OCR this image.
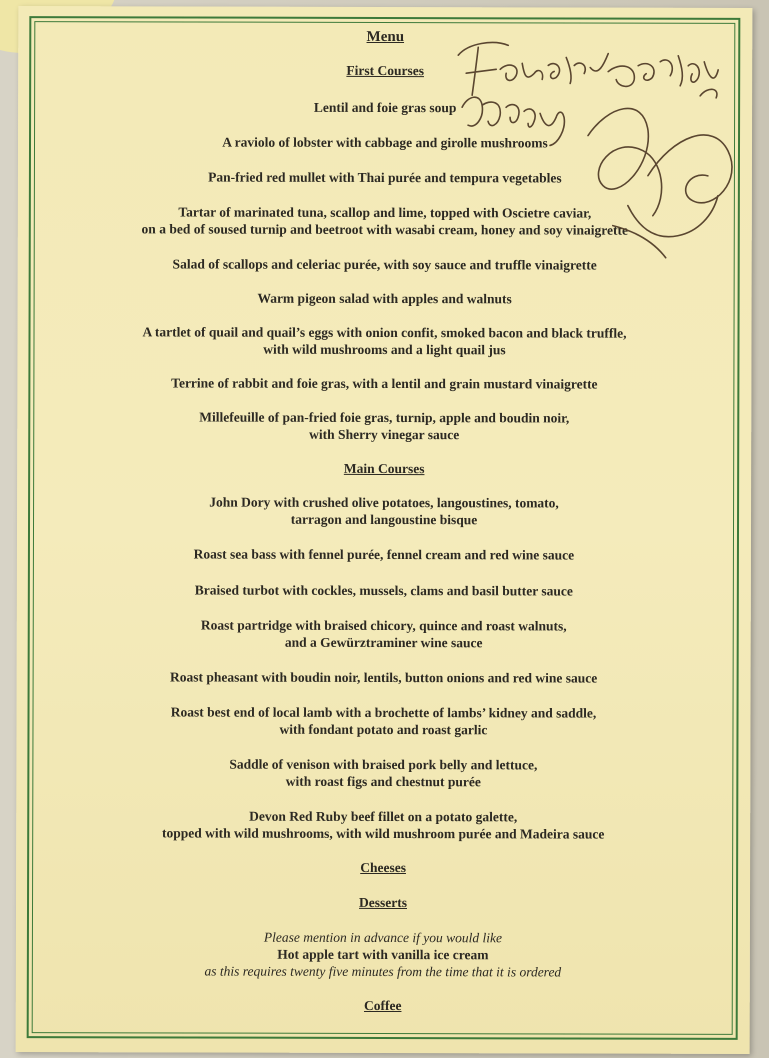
Menu

First Courses

Lentil and foie gras soup
A raviolo of lobster with cabbage and girolle mushrooms
Pan-fried red mullet with Thai purée and tempura vegetables
Tartar of marinated tuna, scallop and lime, topped with Oscietre caviar,
on a bed of soused turnip and beetroot with wasabi cream, honey and soy vinaigrette
Salad of scallops and celeriac purée, with soy sauce and truffle vinaigrette
Warm pigeon salad with apples and walnuts
A tartlet of quail and quail’s eggs with onion confit, smoked bacon and black truffle,
with wild mushrooms and a light quail jus
Terrine of rabbit and foie gras, with a lentil and grain mustard vinaigrette
Millefeuille of pan-fried foie gras, turnip, apple and boudin noir,
with Sherry vinegar sauce

Main Courses

John Dory with crushed olive potatoes, langoustines, tomato,
tarragon and langoustine bisque
Roast sea bass with fennel purée, fennel cream and red wine sauce
Braised turbot with cockles, mussels, clams and basil butter sauce
Roast partridge with braised chicory, quince and roast walnuts,
and a Gewürztraminer wine sauce
Roast pheasant with boudin noir, lentils, button onions and red wine sauce
Roast best end of local lamb with a brochette of lambs’ kidney and saddle,
with fondant potato and roast garlic
Saddle of venison with braised pork belly and lettuce,
with roast figs and chestnut purée
Devon Red Ruby beef fillet on a potato galette,
topped with wild mushrooms, with wild mushroom purée and Madeira sauce

Cheeses

Desserts

Please mention in advance if you would like
Hot apple tart with vanilla ice cream
as this requires twenty five minutes from the time that it is ordered

Coffee
